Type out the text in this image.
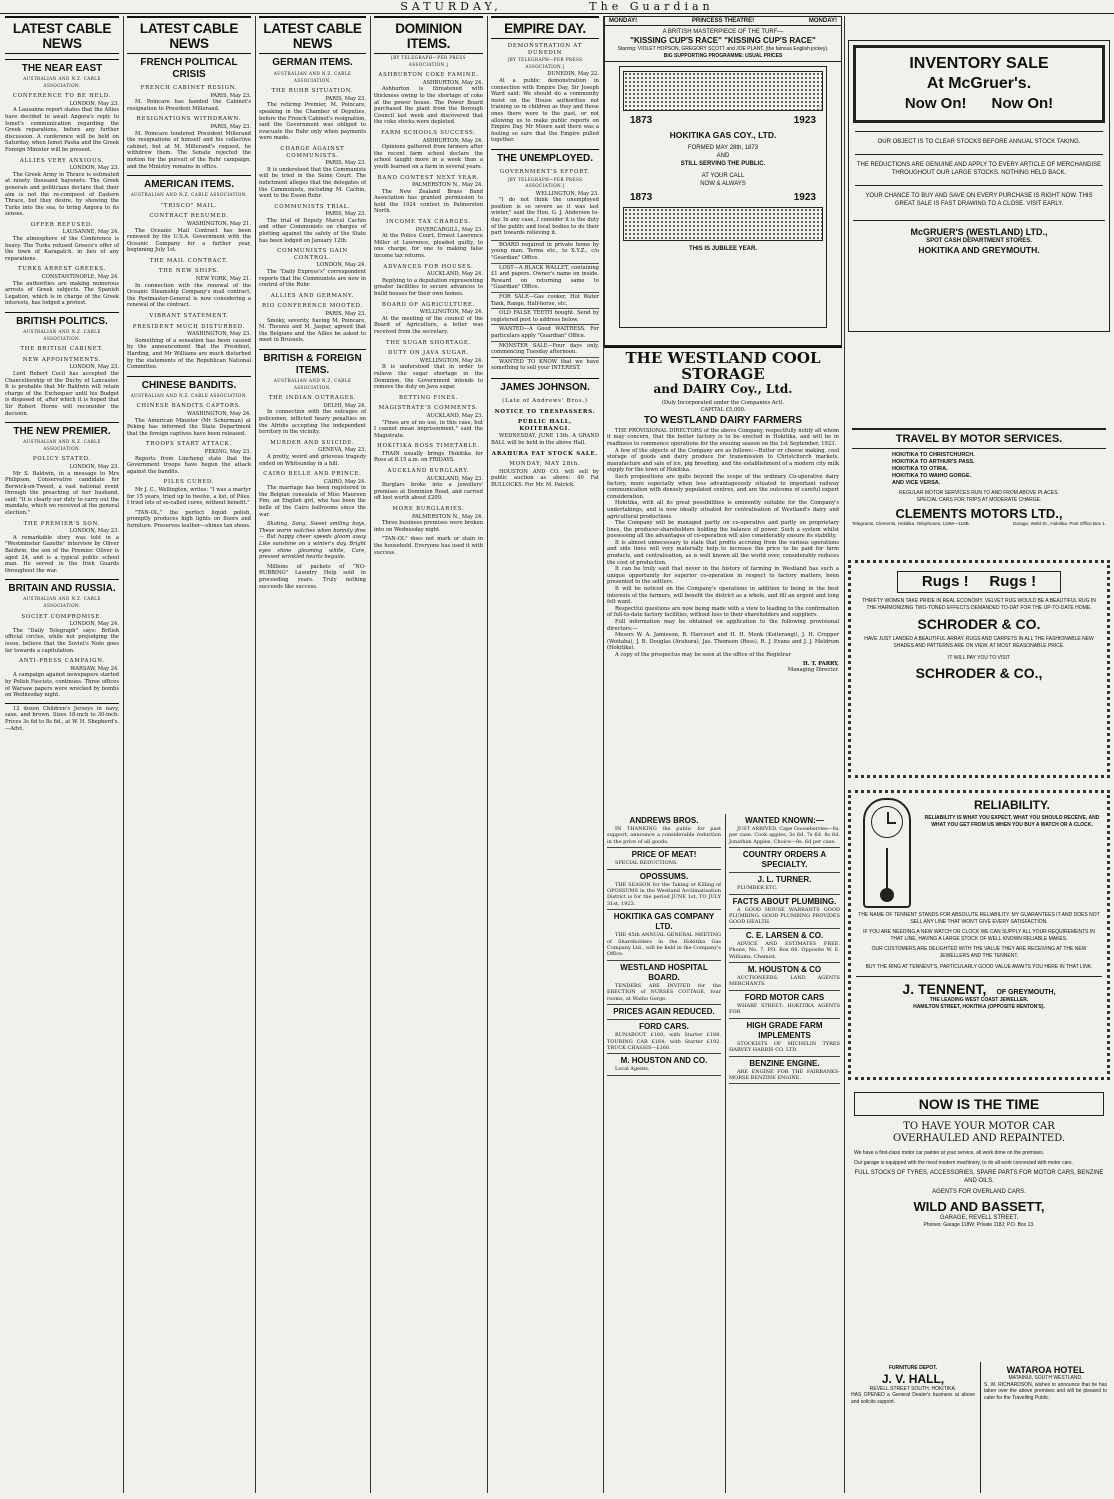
SATURDAY,	The Guardian
LATEST CABLE NEWS
THE NEAR EAST
AUSTRALIAN AND N.Z. CABLE ASSOCIATION.
CONFERENCE TO BE HELD.
LONDON, May 23.
A Lausanne report states that the Allies have decided to await Angora's reply to Ismet's communication regarding the Greek reparations, before any further discussion. A conference will be held on Saturday, when Ismet Pasha and the Greek Foreign Minister will be present.
ALLIES VERY ANXIOUS.
LONDON, May 23.
The Greek Army in Thrace is estimated at ninety thousand bayonets. The Greek generals and politicians declare that their aim is not the re-conquest of Eastern Thrace, but they desire, by showing the Turks into the sea, to bring Angora to its senses.
OFFER REFUSED.
LAUSANNE, May 24.
The atmosphere of the Conference is heavy. The Turks refused Greece's offer of the town of Karagatch, in lieu of any reparations.
TURKS ARREST GREEKS.
CONSTANTINOPLE, May 24.
The authorities are making numerous arrests of Greek subjects. The Spanish Legation, which is in charge of the Greek interests, has lodged a protest.
BRITISH POLITICS.
AUSTRALIAN AND N.Z. CABLE ASSOCIATION.
THE BRITISH CABINET.
NEW APPOINTMENTS.
LONDON, May 23.
Lord Robert Cecil has accepted the Chancellorship of the Duchy of Lancaster. It is probable that Mr Baldwin will retain charge of the Exchequer until his Budget is disposed of, after which it is hoped that Sir Robert Horne will reconsider the decision.
THE NEW PREMIER.
AUSTRALIAN AND N.Z. CABLE ASSOCIATION.
POLICY STATED.
LONDON, May 23.
Mr S. Baldwin, in a message to Mrs Philipson, Conservative candidate for Berwick-on-Tweed, a vast national event through the preaching of her husband, said: "It is clearly our duty to carry out the mandate, which we received at the general election."
THE PREMIER'S SON.
LONDON, May 23.
A remarkable story was told in a "Westminster Gazette" interview by Oliver Baldwin, the son of the Premier. Oliver is aged 24, and is a typical public school man. He served in the Irish Guards throughout the war.
BRITAIN AND RUSSIA.
AUSTRALIAN AND N.Z. CABLE ASSOCIATION.
SOCIET COMPROMISE.
LONDON, May 24.
The "Daily Telegraph" says: British official circles, while not prejudging the issue, believe that the Soviet's Note goes far towards a capitulation.
ANTI-PRESS CAMPAIGN.
WARSAW, May 24.
A campaign against newspapers started by Polish Fascists, continues. Three offices of Warsaw papers were wrecked by bombs on Wednesday night.
12 dozen Children's Jerseys in navy, saxe, and brown. Sizes 18-inch to 30-inch. Prices 3s 6d to 8s 6d., at W. H. Shepherd's.—Advt.
LATEST CABLE NEWS
FRENCH POLITICAL CRISIS
FRENCH CABINET RESIGN.
PARIS, May 23.
M. Poincare has handed the Cabinet's resignation to President Millerand.
RESIGNATIONS WITHDRAWN.
PARIS, May 23.
M. Poincare tendered President Millerand the resignations of himself and his collective cabinet, but at M. Millerand's request, he withdrew them. The Senate rejected the motion for the pursuit of the Ruhr campaign, and the Ministry remains in office.
AMERICAN ITEMS.
AUSTRALIAN AND N.Z. CABLE ASSOCIATION.
"TRISCO" MAIL.
CONTRACT RESUMED.
WASHINGTON, May 21.
The Oceanic Mail Contract has been renewed by the U.S.A. Government with the Oceanic Company for a further year, beginning July 1st.
THE MAIL CONTRACT.
THE NEW SHIPS.
NEW YORK, May 21.
In connection with the renewal of the Oceanic Steamship Company's mail contract, the Postmaster-General is now considering a renewal of the contract.
VIBRANT STATEMENT.
PRESIDENT MUCH DISTURBED.
WASHINGTON, May 23.
Something of a sensation has been caused by the announcement that the President, Harding, and Mr Williams are much disturbed by the statements of the Republican National Committee.
CHINESE BANDITS.
AUSTRALIAN AND N.Z. CABLE ASSOCIATION.
CHINESE BANDITS CAPTORS.
WASHINGTON, May 24.
The American Minister (Mr Schurman) at Peking has informed the State Department that the foreign captives have been released.
TROOPS START ATTACK.
PEKING, May 23.
Reports from Lincheng state that the Government troops have begun the attack against the bandits.
PILES CURED.
Mr J. C., Wellington, writes: "I was a martyr for 15 years, tried up to twelve, a list, of Piles. I tried lots of so-called cures, without benefit."
"TAN-OL," the perfect liquid polish, promptly produces high lights on floors and furniture. Preserves leather—shines tan shoes.
LATEST CABLE NEWS
GERMAN ITEMS.
AUSTRALIAN AND N.Z. CABLE ASSOCIATION.
THE RUHR SITUATION.
PARIS, May 23.
The retiring Premier, M. Poincare, speaking in the Chamber of Deputies, before the French Cabinet's resignation, said the Government was obliged to evacuate the Ruhr only when payments were made.
CHARGE AGAINST COMMUNISTS.
PARIS, May 23.
It is understood that the Communists will be tried in the Seine Court. The indictment alleges that the delegates of the Communists, including M. Cachin, went to the Essen Ruhr.
COMMUNISTS TRIAL.
PARIS, May 23.
The trial of Deputy Marcel Cachin and other Communists on charges of plotting against the safety of the State has been lodged on January 12th.
COMMUNISTS GAIN CONTROL.
LONDON, May 24.
The "Daily Express's" correspondent reports that the Communists are now in control of the Ruhr.
ALLIES AND GERMANY.
RIO CONFERENCE MOOTED.
PARIS, May 23.
Smoky, severity, having M. Poincare, M. Theunis and M. Jaspar, agreed that the Belgians and the Allies be asked to meet in Brussels.
BRITISH & FOREIGN ITEMS.
AUSTRALIAN AND N.Z. CABLE ASSOCIATION.
THE INDIAN OUTRAGES.
DELHI, May 24.
In connection with the outrages of policemen, inflicted heavy penalties on the Afridis accepting the independent territory in the vicinity.
MURDER AND SUICIDE.
GENEVA, May 23.
A pretty, weird and grievous tragedy ended on Whitsunday in a hill.
CAIRO BELLE AND PRINCE.
CAIRO, May 24.
The marriage has been registered in the Belgian consulate of Miss Maureen Pim, an English girl, who has been the belle of the Cairo ballrooms since the war.
Skating, Song, Sweet smiling boys, These warm watches when bonnily dine— But happy cheer speeds gloom away Like sunshine on a winter's day. Bright eyes shine gleaming white, Care, pressed wrinkled hearts beguile.
Millions of packets of "NO-RUBBING" Laundry Help sold in proceeding years. Truly nothing succeeds like success.
DOMINION ITEMS.
[BY TELEGRAPH—PER PRESS ASSOCIATION.]
ASHBURTON COKE FAMINE.
ASHBURTON, May 24.
Ashburton is threatened with thickness owing to the shortage of coke at the power house. The Power Board purchased the plant from the Borough Council last week and discovered that the coke stocks were depleted.
FARM SCHOOLS SUCCESS.
ASHBURTON, May 24.
Opinions gathered from farmers after the recent farm school declare the school taught more in a week than a youth learned on a farm in several years.
BAND CONTEST NEXT YEAR.
PALMERSTON N., May 24.
The New Zealand Brass Band Association has granted permission to hold the 1924 contest in Palmerston North.
INCOME TAX CHARGES.
INVERCARGILL, May 23.
At the Police Court, Ernest Lawrence Miller of Lawrence, pleaded guilty, to one charge, for one to making false income tax returns.
ADVANCES FOR HOUSES.
AUCKLAND, May 24.
Replying to a deputation representing greater facilities to secure advances to build houses for their own homes.
BOARD OF AGRICULTURE.
WELLINGTON, May 24.
At the meeting of the council of the Board of Agriculture, a letter was received from the secretary.
THE SUGAR SHORTAGE.
DUTY ON JAVA SUGAR.
WELLINGTON, May 24.
It is understood that in order to relieve the sugar shortage in the Dominion, the Government intends to remove the duty on Java sugar.
BETTING FINES.
MAGISTRATE'S COMMENTS.
AUCKLAND, May 23.
"Fines are of no use, in this case, but I cannot mean imprisonment," said the Magistrate.
HOKITIKA BOSS TIMETABLE.
TRAIN usually brings Hokitika for Ross at 8.15 a.m. on FRIDAYS.
AUCKLAND BURGLARY.
AUCKLAND, May 23.
Burglars broke into a jewellers' premises at Dominion Road, and carried off loot worth about £200.
MORE BURGLARIES.
PALMERSTON N., May 24.
Three business premises were broken into on Wednesday night.
"TAN-OL" does not mark or stain in the household. Everyone has used it with success.
EMPIRE DAY.
DEMONSTRATION AT DUNEDIN
[BY TELEGRAPH—PER PRESS ASSOCIATION.]
DUNEDIN, May 22.
At a public demonstration in connection with Empire Day, Sir Joseph Ward said: We should do a community insist on the House authorities not training us in children as they and those ones there were to the past, or not allowing us to make public reports on Empire Day. Mr Moore said there was a feeling so sure that the Empire pulled together.
THE UNEMPLOYED.
GOVERNMENT'S EFFORT.
[BY TELEGRAPH—PER PRESS ASSOCIATION.]
WELLINGTON, May 23.
"I do not think the unemployed position is so severe as it was last winter," said the Hon. G. J. Anderson to-day. In any case, I consider it is the duty of the public and local bodies to do their part towards relieving it.
BOARD required in private home by young man. Terms etc., to X.Y.Z., c/o "Guardian" Office.
LOST—A BLACK WALLET, containing £1 and papers. Owner's name on inside. Reward on returning same to "Guardian" Office.
FOR SALE—Gas cooker, Hot Water Tank, Range, Half-horse, etc.
OLD FALSE TEETH bought. Send by registered post to address below.
WANTED—A Good WAITRESS. For particulars apply "Guardian" Office.
MONSTER SALE—Four days only, commencing Tuesday afternoon.
WANTED TO KNOW that we have something to sell your INTEREST.
JAMES JOHNSON.
(Late of Andrews' Bros.)
NOTICE TO TRESPASSERS.
PUBLIC HALL, KOITERANGI.
WEDNESDAY, JUNE 13th. A GRAND BALL will be held in the above Hall.
ARAHURA FAT STOCK SALE.
MONDAY, MAY 28th.
HOUSTON AND CO. will sell by public auction as above: 40 Fat BULLOCKS. For Mr. M. Patrick.
MONDAY!	PRINCESS THEATRE!	MONDAY!
A BRITISH MASTERPIECE OF THE TURF—
"KISSING CUP'S RACE" "KISSING CUP'S RACE"
Starring: VIOLET HOPSON, GREGORY SCOTT and JOE PLANT, (the famous English jockey).
BIG SUPPORTING PROGRAMME: USUAL PRICES
1873	1923
HOKITIKA GAS COY., LTD.
FORMED MAY 28th, 1873
AND
STILL SERVING THE PUBLIC.
AT YOUR CALL
NOW & ALWAYS
1873	1923
THIS IS JUBILEE YEAR.
THE WESTLAND COOL STORAGE
and DAIRY Coy., Ltd.
(Duly Incorporated under the Companies Act).
CAPITAL £5,000.
TO WESTLAND DAIRY FARMERS
THE PROVISIONAL DIRECTORS of the above Company, respectfully notify all whom it may concern, that the butter factory is to be erected in Hokitika, and will be in readiness to commence operations for the ensuing season on the 1st September, 1923.
A few of the objects of the Company are as follows:—Butter or cheese making, cool storage of goods and dairy produce for transmission to Christchurch markets, manufacture and sale of ice, pig breeding, and the establishment of a modern city milk supply for the town of Hokitika.
Such propositions are quite beyond the scope of the ordinary Co-operative dairy factory, more especially when less advantageously situated to important railway communication with densely populated centres, and are the outcome of careful expert consideration.
Hokitika, with all its great possibilities is eminently suitable for the Company's undertakings, and is now ideally situated for centralisation of Westland's dairy and agricultural productions.
The Company will be managed partly on co-operative and partly on proprietary lines, the producer-shareholders holding the balance of power. Such a system whilst possessing all the advantages of co-operation will also considerably ensure its stability.
It is almost unnecessary to state that profits accruing from the various operations and side lines will very materially help to increase the price to be paid for farm products, and centralisation, as is well known all the world over, considerably reduces the cost of production.
It can be truly said that never in the history of farming in Westland has such a unique opportunity for superior co-operation in respect to factory matters, been presented to the settlers.
It will be noticed on the Company's operations in addition to being in the best interests of the farmers, will benefit the district as a whole, and fill an urgent and long felt want.
Respectful questions are now being made with a view to leading to the confirmation of full-to-date factory facilities, without loss to their shareholders and suppliers.
Full information may be obtained on application to the following provisional directors:—
Messrs W. A. Jamieson, R. Harcourt and H. H. Monk (Koiterangi), J. H. Cropper (Woitaha), J. B. Douglas (Arahura), Jas. Thomson (Ross), R. J. Evans and J. J. Meldrum (Hokitika).
A copy of the prospectus may be seen at the office of the Registrar
H. T. PARRY,
Managing Director.
ANDREWS BROS.
IN THANKING the public for past support, announce a considerable reduction in the price of all goods.
PRICE OF MEAT!
SPECIAL REDUCTIONS.
OPOSSUMS.
THE SEASON for the Taking or Killing of OPOSSUMS in the Westland Acclimatisation District is for the period JUNE 1st, TO JULY 31st, 1923.
HOKITIKA GAS COMPANY LTD.
THE 45th ANNUAL GENERAL MEETING of Shareholders in the Hokitika Gas Company Ltd., will be held in the Company's Office.
WESTLAND HOSPITAL BOARD.
TENDERS ARE INVITED for the ERECTION of NURSES COTTAGE, four rooms, at Waiho Gorge.
PRICES AGAIN REDUCED.
FORD CARS.
RUNABOUT £160; with Starter £188. TOURING CAR £164; with Starter £192. TRUCK CHASSIS—£160.
M. HOUSTON AND CO.
Local Agents.
WANTED KNOWN:—
JUST ARRIVED. Cape Gooseberries—6s. per case. Cook apples, 3s 6d, 7s 6d. 8s 6d. Jonathan Apples, Choice—8s. 6d per case.
COUNTRY ORDERS A SPECIALTY.
J. L. TURNER.
PLUMBER ETC.
FACTS ABOUT PLUMBING.
A GOOD HOUSE WARRANTS GOOD PLUMBING. GOOD PLUMBING PROVIDES GOOD HEALTH.
C. E. LARSEN & CO.
ADVICE AND ESTIMATES FREE. Phone, No. 7. P.O. Box 66. Opposite W. E. Williams, Chemist.
M. HOUSTON & CO
AUCTIONEERS, LAND AGENTS MERCHANTS.
FORD MOTOR CARS
WHARF STREET: HOKITIKA AGENTS FOR
HIGH GRADE FARM IMPLEMENTS
STOCKISTS OF MICHELIN TYRES HARVEY HARRIS CO. LTD.
BENZINE ENGINE.
ARE ENGINE FOR THE FAIRBANKS-MORSE BENZINE ENGINE.
INVENTORY SALE
At McGruer's.
Now On!      Now On!
OUR OBJECT IS TO CLEAR STOCKS BEFORE ANNUAL STOCK TAKING.
THE REDUCTIONS ARE GENUINE AND APPLY TO EVERY ARTICLE OF MERCHANDISE THROUGHOUT OUR LARGE STOCKS. NOTHING HELD BACK.
YOUR CHANCE TO BUY AND SAVE ON EVERY PURCHASE IS RIGHT NOW. THIS GREAT SALE IS FAST DRAWING TO A CLOSE. VISIT EARLY.
McGRUER'S (WESTLAND) LTD.,
SPOT CASH DEPARTMENT STORES.
HOKITIKA AND GREYMOUTH.
TRAVEL BY MOTOR SERVICES.
HOKITIKA TO CHRISTCHURCH.
HOKITIKA TO ARTHUR'S PASS.
HOKITIKA TO OTIRA.
HOKITIKA TO WAIHO GORGE.
AND VICE VERSA.
REGULAR MOTOR SERVICES RUN TO AND FROM ABOVE PLACES.
SPECIAL CARS FOR TRIPS AT MODERATE CHARGE.
CLEMENTS MOTORS LTD.,
Telegrams, Clements, Hokitika. Telephones, 118M—118B.	Garage, Weld St., Hokitika. Post Office Box 1.
Rugs !     Rugs !
THRIFTY WOMEN TAKE PRIDE IN REAL ECONOMY. VELVET RUG WOULD BE A BEAUTIFUL RUG IN THE HARMONIZING TWO-TONED EFFECTS DEMANDED TO-DAT FOR THE UP-TO-DATE HOME.
SCHRODER & CO.
HAVE JUST LANDED A BEAUTIFUL ARRAY. RUGS AND CARPETS IN ALL THE FASHIONABLE NEW SHADES AND PATTERNS ARE ON VIEW. AT MOST REASONABLE PRICE.
IT WILL PAY YOU TO VISIT
SCHRODER & CO.,
RELIABILITY.
RELIABILITY IS WHAT YOU EXPECT, WHAT YOU SHOULD RECEIVE, AND WHAT YOU GET FROM US WHEN YOU BUY A WATCH OR A CLOCK.
THE NAME OF TENNENT STANDS FOR ABSOLUTE RELIABILITY. MY GUARANTEES IT AND DOES NOT SELL ANY LINE THAT WON'T GIVE EVERY SATISFACTION.
IF YOU ARE NEEDING A NEW WATCH OR CLOCK WE CAN SUPPLY ALL YOUR REQUIREMENTS IN THAT LINE, HAVING A LARGE STOCK OF WELL KNOWN RELIABLE MAKES.
OUR CUSTOMERS ARE DELIGHTED WITH THE VALUE THEY ARE RECEIVING AT THE NEW JEWELLERS AND THE TENNENT.
BUY THE RING AT TENNENT'S, PARTICULARLY GOOD VALUE AWAITS YOU HERE IN THAT LINK.
J. TENNENT, OF GREYMOUTH,
THE LEADING WEST COAST JEWELLER.
HAMILTON STREET, HOKITIKA (OPPOSITE RENTON'S).
NOW IS THE TIME
TO HAVE YOUR MOTOR CAR OVERHAULED AND REPAINTED.
We have a first-class motor car painter at your service, all work done on the premises.
Our garage is equipped with the most modern machinery, to do all work connected with motor cars.
FULL STOCKS OF TYRES, ACCESSORIES, SPARE PARTS FOR MOTOR CARS, BENZINE AND OILS.
AGENTS FOR OVERLAND CARS.
WILD AND BASSETT,
GARAGE, REVELL STREET.
Phones: Garage 118W; Private 118J; P.O. Box 13.
FURNITURE DEPOT.
J. V. HALL,
REVELL STREET SOUTH, HOKITIKA.
HAS OPENED a General Dealer's business at above and solicits support.
WATAROA HOTEL
MATAINUI, SOUTH WESTLAND.
S. W. RICHARDSON, wishes to announce that he has taken over the above premises and will be pleased to cater for the Travelling Public.
